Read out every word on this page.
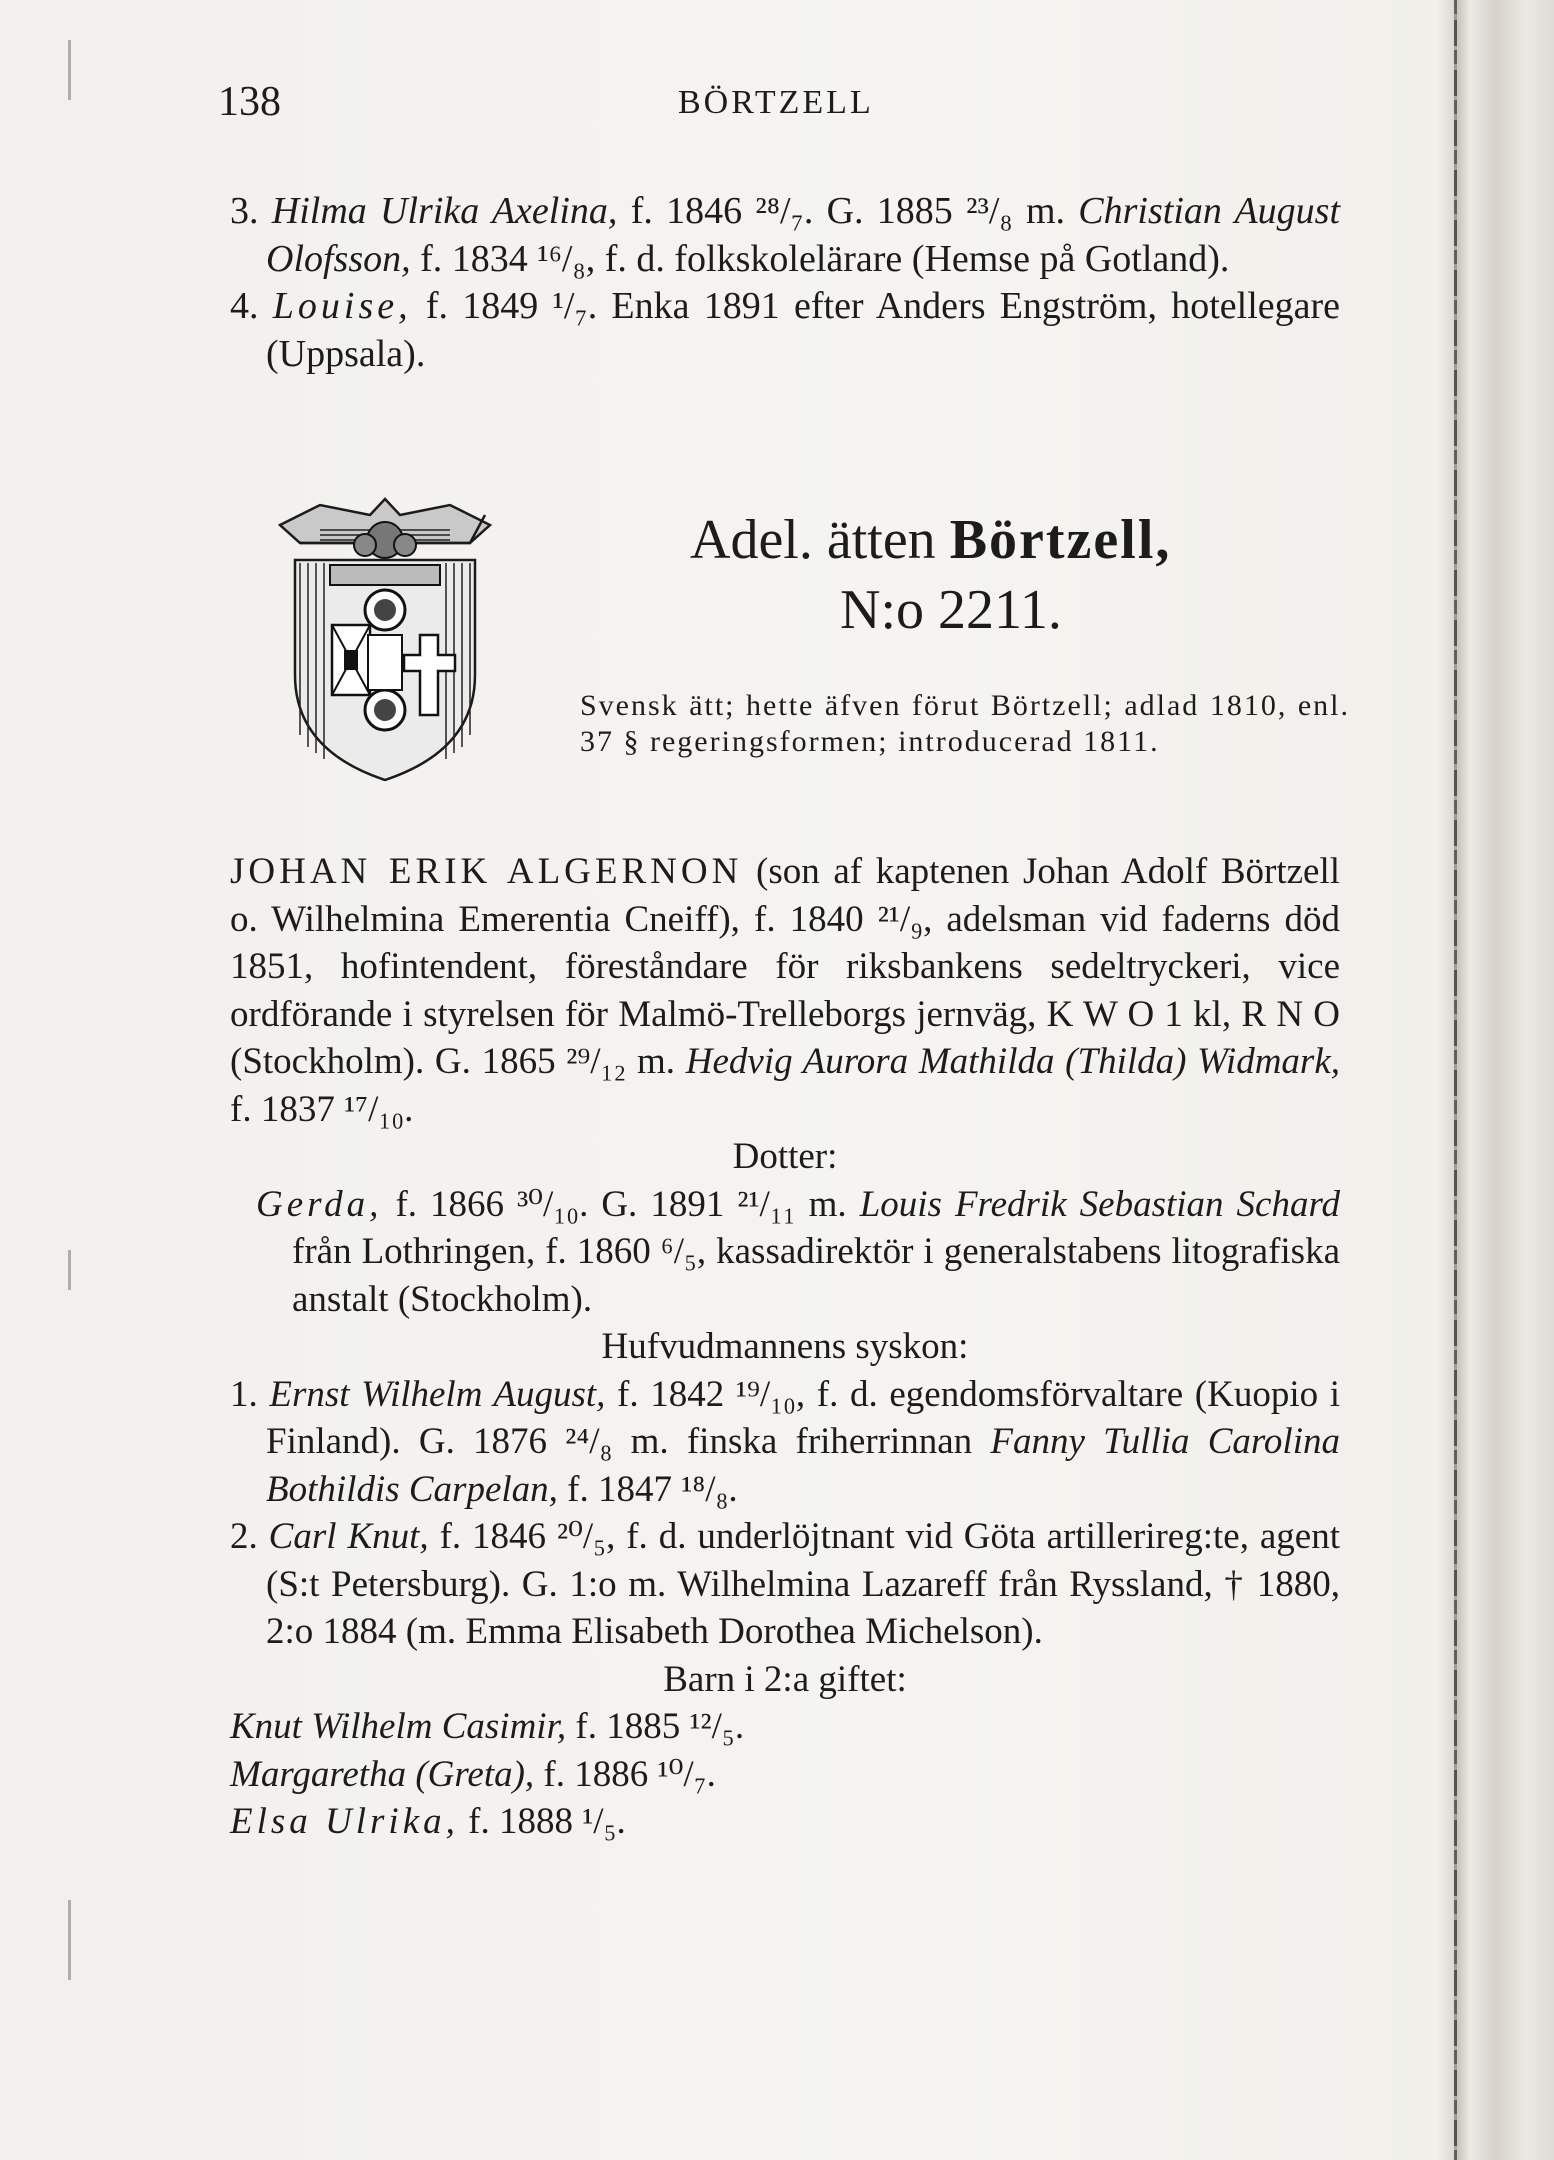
138	BÖRTZELL

3. Hilma Ulrika Axelina, f. 1846 ²⁸/₇. G. 1885 ²³/₈ m. Christian August Olofsson, f. 1834 ¹⁶/₈, f. d. folkskolelärare (Hemse på Gotland).

4. Louise, f. 1849 ¹/₇. Enka 1891 efter Anders Engström, hotellegare (Uppsala).

Adel. ätten Börtzell,
N:o 2211.
Svensk ätt; hette äfven förut Börtzell; adlad 1810, enl. 37 § regeringsformen; introducerad 1811.

JOHAN ERIK ALGERNON (son af kaptenen Johan Adolf Börtzell o. Wilhelmina Emerentia Cneiff), f. 1840 ²¹/₉, adelsman vid faderns död 1851, hofintendent, föreståndare för riksbankens sedeltryckeri, vice ordförande i styrelsen för Malmö-Trelleborgs jernväg, K W O 1 kl, R N O (Stockholm). G. 1865 ²⁹/₁₂ m. Hedvig Aurora Mathilda (Thilda) Widmark, f. 1837 ¹⁷/₁₀.

Dotter:

Gerda, f. 1866 ³⁰/₁₀. G. 1891 ²¹/₁₁ m. Louis Fredrik Sebastian Schard från Lothringen, f. 1860 ⁶/₅, kassadirektör i generalstabens litografiska anstalt (Stockholm).

Hufvudmannens syskon:

1. Ernst Wilhelm August, f. 1842 ¹⁹/₁₀, f. d. egendomsförvaltare (Kuopio i Finland). G. 1876 ²⁴/₈ m. finska friherrinnan Fanny Tullia Carolina Bothildis Carpelan, f. 1847 ¹⁸/₈.

2. Carl Knut, f. 1846 ²⁰/₅, f. d. underlöjtnant vid Göta artillerireg:te, agent (S:t Petersburg). G. 1:o m. Wilhelmina Lazareff från Ryssland, † 1880, 2:o 1884 (m. Emma Elisabeth Dorothea Michelson).

Barn i 2:a giftet:

Knut Wilhelm Casimir, f. 1885 ¹²/₅.

Margaretha (Greta), f. 1886 ¹⁰/₇.

Elsa Ulrika, f. 1888 ¹/₅.
